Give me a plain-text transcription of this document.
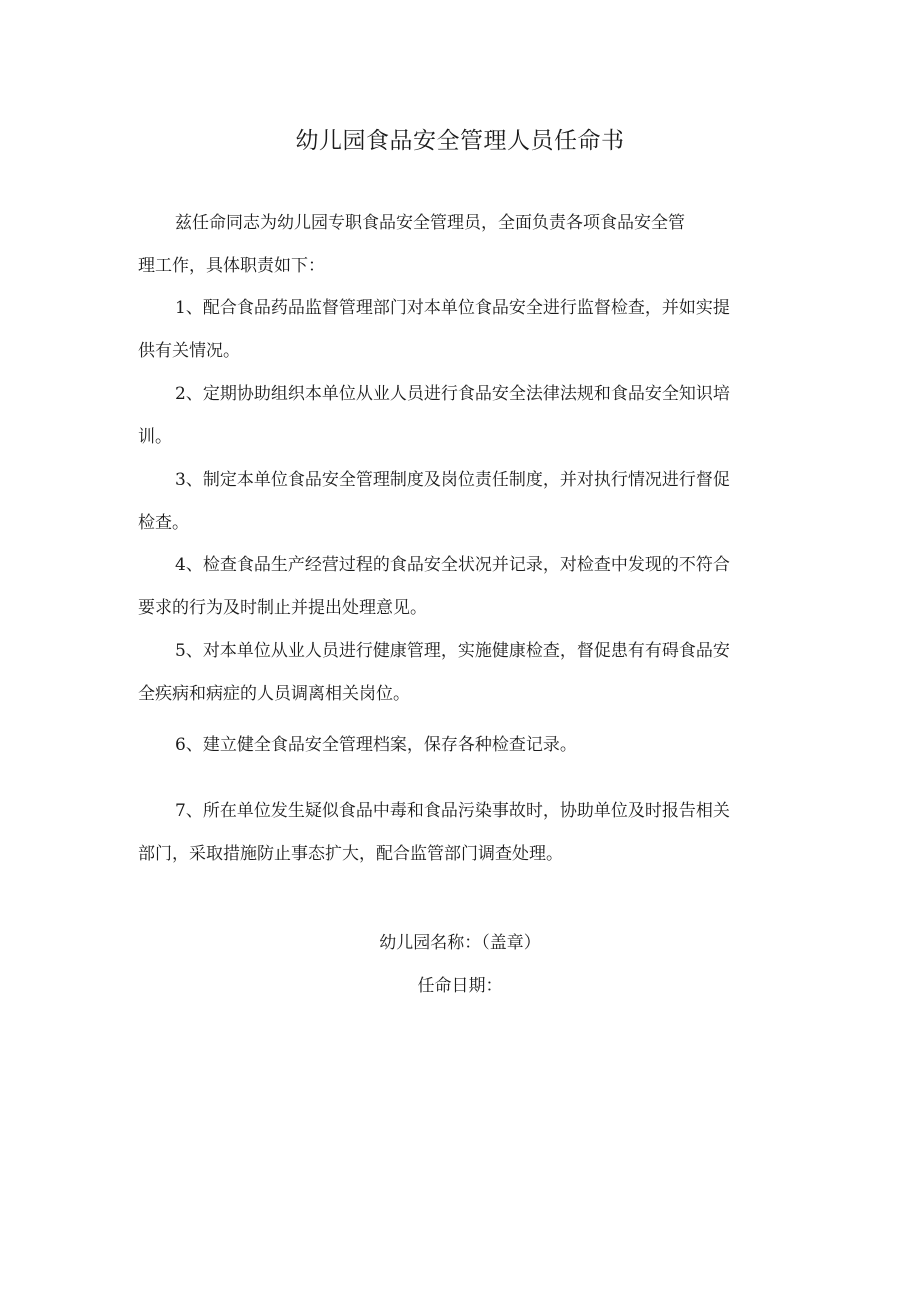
幼儿园食品安全管理人员任命书
兹任命同志为幼儿园专职食品安全管理员，全面负责各项食品安全管
理工作，具体职责如下：
1、配合食品药品监督管理部门对本单位食品安全进行监督检查，并如实提
供有关情况。
2、定期协助组织本单位从业人员进行食品安全法律法规和食品安全知识培
训。
3、制定本单位食品安全管理制度及岗位责任制度，并对执行情况进行督促
检查。
4、检查食品生产经营过程的食品安全状况并记录，对检查中发现的不符合
要求的行为及时制止并提出处理意见。
5、对本单位从业人员进行健康管理，实施健康检查，督促患有有碍食品安
全疾病和病症的人员调离相关岗位。
6、建立健全食品安全管理档案，保存各种检查记录。
7、所在单位发生疑似食品中毒和食品污染事故时，协助单位及时报告相关
部门，采取措施防止事态扩大，配合监管部门调查处理。

幼儿园名称：（盖章）

任命日期：
